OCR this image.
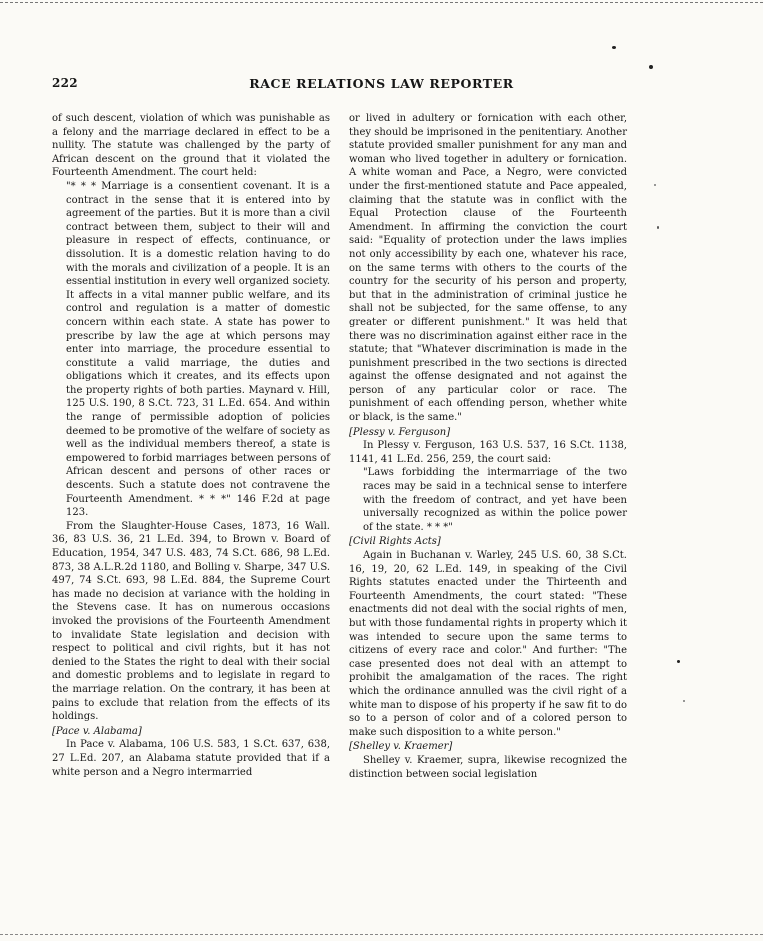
222	RACE RELATIONS LAW REPORTER

of such descent, violation of which was punishable as a felony and the marriage declared in effect to be a nullity. The statute was challenged by the party of African descent on the ground that it violated the Fourteenth Amendment. The court held:

"* * * Marriage is a consentient covenant. It is a contract in the sense that it is entered into by agreement of the parties. But it is more than a civil contract between them, subject to their will and pleasure in respect of effects, continuance, or dissolution. It is a domestic relation having to do with the morals and civilization of a people. It is an essential institution in every well organized society. It affects in a vital manner public welfare, and its control and regulation is a matter of domestic concern within each state. A state has power to prescribe by law the age at which persons may enter into marriage, the procedure essential to constitute a valid marriage, the duties and obligations which it creates, and its effects upon the property rights of both parties. Maynard v. Hill, 125 U.S. 190, 8 S.Ct. 723, 31 L.Ed. 654. And within the range of permissible adoption of policies deemed to be promotive of the welfare of society as well as the individual members thereof, a state is empowered to forbid marriages between persons of African descent and persons of other races or descents. Such a statute does not contravene the Fourteenth Amendment. * * *" 146 F.2d at page 123.

From the Slaughter-House Cases, 1873, 16 Wall. 36, 83 U.S. 36, 21 L.Ed. 394, to Brown v. Board of Education, 1954, 347 U.S. 483, 74 S.Ct. 686, 98 L.Ed. 873, 38 A.L.R.2d 1180, and Bolling v. Sharpe, 347 U.S. 497, 74 S.Ct. 693, 98 L.Ed. 884, the Supreme Court has made no decision at variance with the holding in the Stevens case. It has on numerous occasions invoked the provisions of the Fourteenth Amendment to invalidate State legislation and decision with respect to political and civil rights, but it has not denied to the States the right to deal with their social and domestic problems and to legislate in regard to the marriage relation. On the contrary, it has been at pains to exclude that relation from the effects of its holdings.

[Pace v. Alabama]

In Pace v. Alabama, 106 U.S. 583, 1 S.Ct. 637, 638, 27 L.Ed. 207, an Alabama statute provided that if a white person and a Negro intermarried

or lived in adultery or fornication with each other, they should be imprisoned in the penitentiary. Another statute provided smaller punishment for any man and woman who lived together in adultery or fornication. A white woman and Pace, a Negro, were convicted under the first-mentioned statute and Pace appealed, claiming that the statute was in conflict with the Equal Protection clause of the Fourteenth Amendment. In affirming the conviction the court said: "Equality of protection under the laws implies not only accessibility by each one, whatever his race, on the same terms with others to the courts of the country for the security of his person and property, but that in the administration of criminal justice he shall not be subjected, for the same offense, to any greater or different punishment." It was held that there was no discrimination against either race in the statute; that "Whatever discrimination is made in the punishment prescribed in the two sections is directed against the offense designated and not against the person of any particular color or race. The punishment of each offending person, whether white or black, is the same."

[Plessy v. Ferguson]

In Plessy v. Ferguson, 163 U.S. 537, 16 S.Ct. 1138, 1141, 41 L.Ed. 256, 259, the court said:

"Laws forbidding the intermarriage of the two races may be said in a technical sense to interfere with the freedom of contract, and yet have been universally recognized as within the police power of the state. * * *"

[Civil Rights Acts]

Again in Buchanan v. Warley, 245 U.S. 60, 38 S.Ct. 16, 19, 20, 62 L.Ed. 149, in speaking of the Civil Rights statutes enacted under the Thirteenth and Fourteenth Amendments, the court stated: "These enactments did not deal with the social rights of men, but with those fundamental rights in property which it was intended to secure upon the same terms to citizens of every race and color." And further: "The case presented does not deal with an attempt to prohibit the amalgamation of the races. The right which the ordinance annulled was the civil right of a white man to dispose of his property if he saw fit to do so to a person of color and of a colored person to make such disposition to a white person."

[Shelley v. Kraemer]

Shelley v. Kraemer, supra, likewise recognized the distinction between social legislation
